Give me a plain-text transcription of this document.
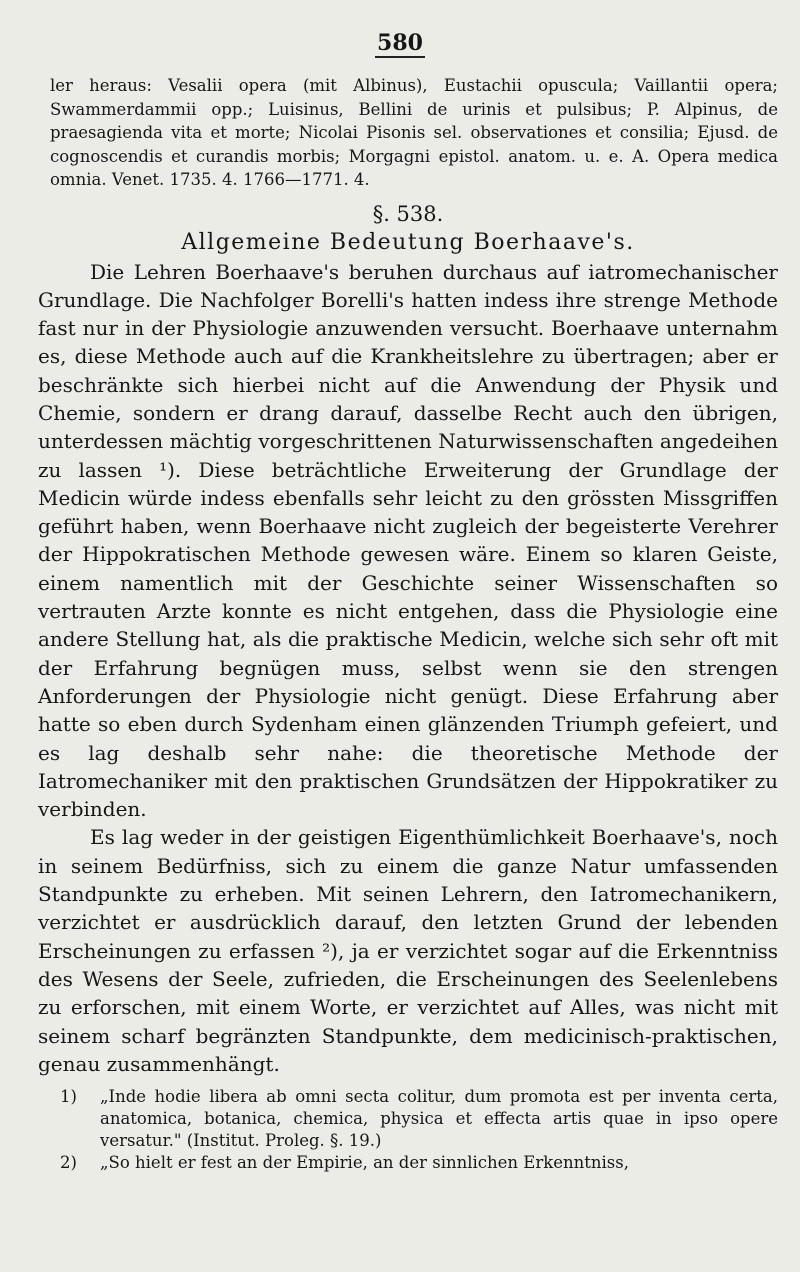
580

ler heraus: Vesalii opera (mit Albinus), Eustachii opuscula; Vaillantii opera; Swammerdammii opp.; Luisinus, Bellini de urinis et pulsibus; P. Alpinus, de praesagienda vita et morte; Nicolai Pisonis sel. observationes et consilia; Ejusd. de cognoscendis et curandis morbis; Morgagni epistol. anatom. u. e. A. Opera medica omnia. Venet. 1735. 4. 1766—1771. 4.

§. 538.
Allgemeine Bedeutung Boerhaave's.

Die Lehren Boerhaave's beruhen durchaus auf iatromechanischer Grundlage. Die Nachfolger Borelli's hatten indess ihre strenge Methode fast nur in der Physiologie anzuwenden versucht. Boerhaave unternahm es, diese Methode auch auf die Krankheitslehre zu übertragen; aber er beschränkte sich hierbei nicht auf die Anwendung der Physik und Chemie, sondern er drang darauf, dasselbe Recht auch den übrigen, unterdessen mächtig vorgeschrittenen Naturwissenschaften angedeihen zu lassen ¹). Diese beträchtliche Erweiterung der Grundlage der Medicin würde indess ebenfalls sehr leicht zu den grössten Missgriffen geführt haben, wenn Boerhaave nicht zugleich der begeisterte Verehrer der Hippokratischen Methode gewesen wäre. Einem so klaren Geiste, einem namentlich mit der Geschichte seiner Wissenschaften so vertrauten Arzte konnte es nicht entgehen, dass die Physiologie eine andere Stellung hat, als die praktische Medicin, welche sich sehr oft mit der Erfahrung begnügen muss, selbst wenn sie den strengen Anforderungen der Physiologie nicht genügt. Diese Erfahrung aber hatte so eben durch Sydenham einen glänzenden Triumph gefeiert, und es lag deshalb sehr nahe: die theoretische Methode der Iatromechaniker mit den praktischen Grundsätzen der Hippokratiker zu verbinden.

Es lag weder in der geistigen Eigenthümlichkeit Boerhaave's, noch in seinem Bedürfniss, sich zu einem die ganze Natur umfassenden Standpunkte zu erheben. Mit seinen Lehrern, den Iatromechanikern, verzichtet er ausdrücklich darauf, den letzten Grund der lebenden Erscheinungen zu erfassen ²), ja er verzichtet sogar auf die Erkenntniss des Wesens der Seele, zufrieden, die Erscheinungen des Seelenlebens zu erforschen, mit einem Worte, er verzichtet auf Alles, was nicht mit seinem scharf begränzten Standpunkte, dem medicinisch-praktischen, genau zusammenhängt.

1) „Inde hodie libera ab omni secta colitur, dum promota est per inventa certa, anatomica, botanica, chemica, physica et effecta artis quae in ipso opere versatur." (Institut. Proleg. §. 19.)

2) „So hielt er fest an der Empirie, an der sinnlichen Erkenntniss,
